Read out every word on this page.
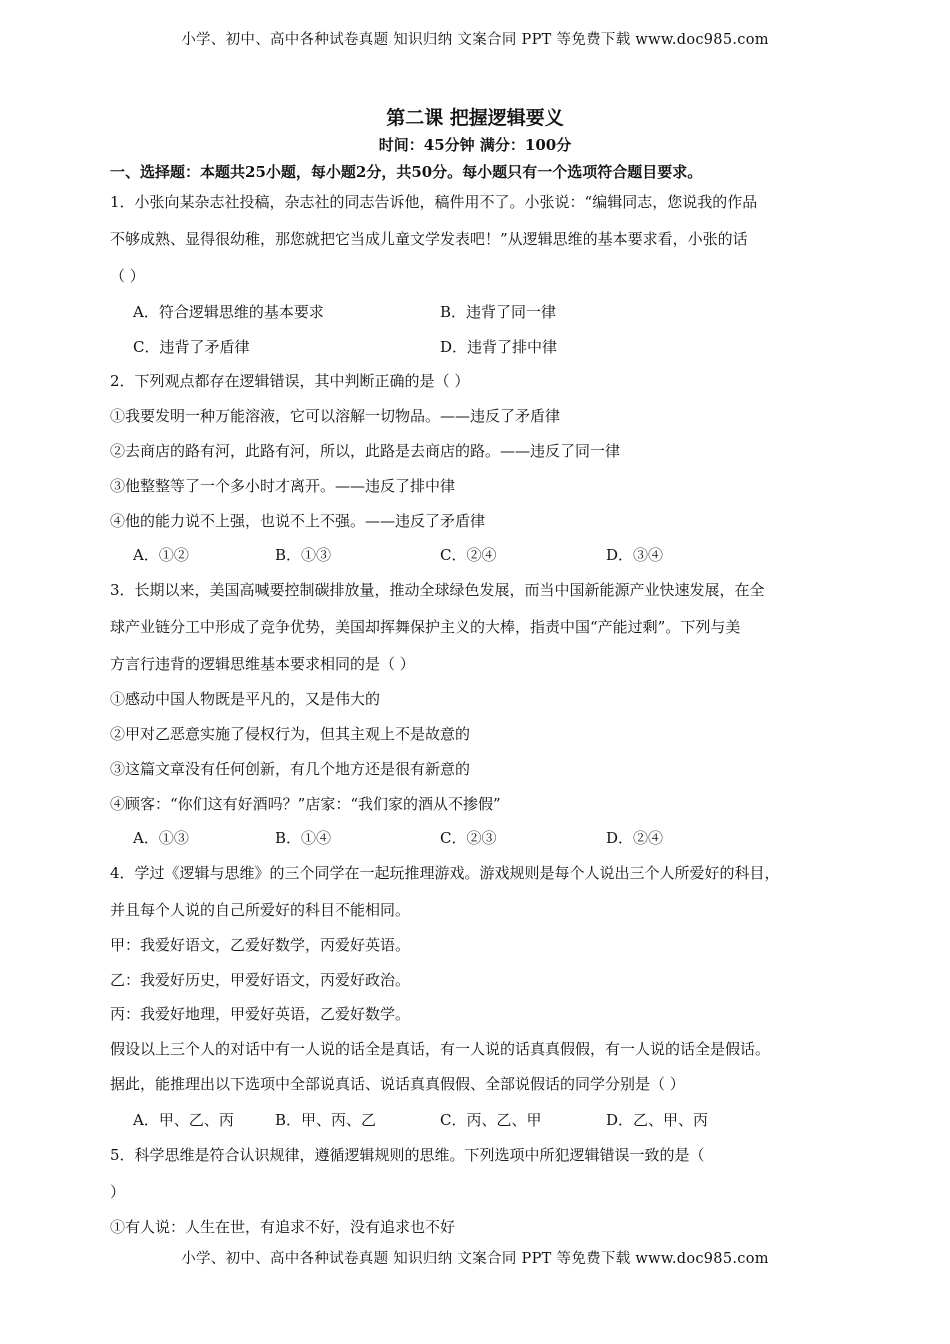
小学、初中、高中各种试卷真题 知识归纳 文案合同 PPT 等免费下载 www.doc985.com
第二课 把握逻辑要义
时间：45分钟 满分：100分
一、选择题：本题共25小题，每小题2分，共50分。每小题只有一个选项符合题目要求。
1．小张向某杂志社投稿，杂志社的同志告诉他，稿件用不了。小张说：“编辑同志，您说我的作品
不够成熟、显得很幼稚，那您就把它当成儿童文学发表吧！”从逻辑思维的基本要求看，小张的话
（ ）
A．符合逻辑思维的基本要求	B．违背了同一律
C．违背了矛盾律	D．违背了排中律
2．下列观点都存在逻辑错误，其中判断正确的是（ ）
①我要发明一种万能溶液，它可以溶解一切物品。——违反了矛盾律
②去商店的路有河，此路有河，所以，此路是去商店的路。——违反了同一律
③他整整等了一个多小时才离开。——违反了排中律
④他的能力说不上强，也说不上不强。——违反了矛盾律
A．①②	B．①③	C．②④	D．③④
3．长期以来，美国高喊要控制碳排放量，推动全球绿色发展，而当中国新能源产业快速发展，在全
球产业链分工中形成了竞争优势，美国却挥舞保护主义的大棒，指责中国“产能过剩”。下列与美
方言行违背的逻辑思维基本要求相同的是（ ）
①感动中国人物既是平凡的，又是伟大的
②甲对乙恶意实施了侵权行为，但其主观上不是故意的
③这篇文章没有任何创新，有几个地方还是很有新意的
④顾客：“你们这有好酒吗？”店家：“我们家的酒从不掺假”
A．①③	B．①④	C．②③	D．②④
4．学过《逻辑与思维》的三个同学在一起玩推理游戏。游戏规则是每个人说出三个人所爱好的科目，
并且每个人说的自己所爱好的科目不能相同。
甲：我爱好语文，乙爱好数学，丙爱好英语。
乙：我爱好历史，甲爱好语文，丙爱好政治。
丙：我爱好地理，甲爱好英语，乙爱好数学。
假设以上三个人的对话中有一人说的话全是真话，有一人说的话真真假假，有一人说的话全是假话。
据此，能推理出以下选项中全部说真话、说话真真假假、全部说假话的同学分别是（ ）
A．甲、乙、丙	B．甲、丙、乙	C．丙、乙、甲	D．乙、甲、丙
5．科学思维是符合认识规律，遵循逻辑规则的思维。下列选项中所犯逻辑错误一致的是（
）
①有人说：人生在世，有追求不好，没有追求也不好
小学、初中、高中各种试卷真题 知识归纳 文案合同 PPT 等免费下载 www.doc985.com
